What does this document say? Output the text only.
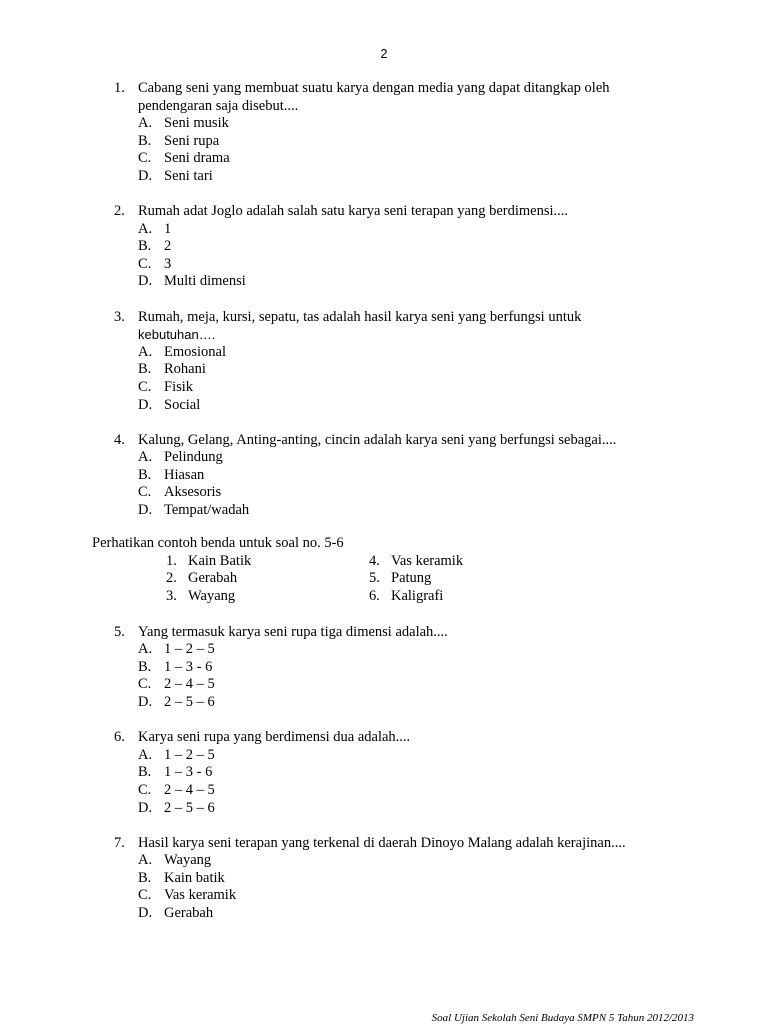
2
1. Cabang seni yang membuat suatu karya dengan media yang dapat ditangkap oleh
pendengaran saja disebut....
A. Seni musik
B. Seni rupa
C. Seni drama
D. Seni tari
2. Rumah adat Joglo adalah salah satu karya seni terapan yang berdimensi....
A. 1
B. 2
C. 3
D. Multi dimensi
3. Rumah, meja, kursi, sepatu, tas adalah hasil karya seni yang berfungsi untuk
kebutuhan….
A. Emosional
B. Rohani
C. Fisik
D. Social
4. Kalung, Gelang, Anting-anting, cincin adalah karya seni yang berfungsi sebagai....
A. Pelindung
B. Hiasan
C. Aksesoris
D. Tempat/wadah
Perhatikan contoh benda untuk soal no. 5-6
1. Kain Batik
2. Gerabah
3. Wayang
4. Vas keramik
5. Patung
6. Kaligrafi
5. Yang termasuk karya seni rupa tiga dimensi adalah....
A. 1 – 2 – 5
B. 1 – 3 - 6
C. 2 – 4 – 5
D. 2 – 5 – 6
6. Karya seni rupa yang berdimensi dua adalah....
A. 1 – 2 – 5
B. 1 – 3 - 6
C. 2 – 4 – 5
D. 2 – 5 – 6
7. Hasil karya seni terapan yang terkenal di daerah Dinoyo Malang adalah kerajinan....
A. Wayang
B. Kain batik
C. Vas keramik
D. Gerabah
Soal Ujian Sekolah Seni Budaya SMPN 5 Tahun 2012/2013
